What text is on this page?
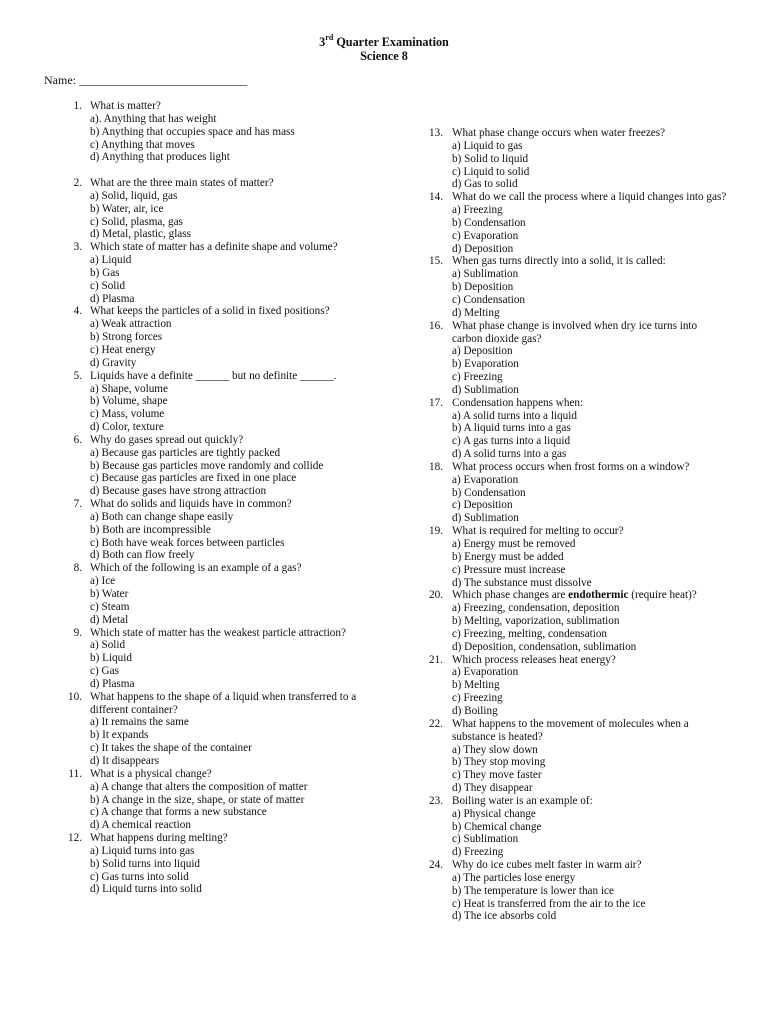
3rd Quarter Examination
Science 8
Name: ____________________________
1. What is matter?
a). Anything that has weight
b) Anything that occupies space and has mass
c) Anything that moves
d) Anything that produces light
2. What are the three main states of matter?
a) Solid, liquid, gas
b) Water, air, ice
c) Solid, plasma, gas
d) Metal, plastic, glass
3. Which state of matter has a definite shape and volume?
a) Liquid
b) Gas
c) Solid
d) Plasma
4. What keeps the particles of a solid in fixed positions?
a) Weak attraction
b) Strong forces
c) Heat energy
d) Gravity
5. Liquids have a definite ______ but no definite ______.
a) Shape, volume
b) Volume, shape
c) Mass, volume
d) Color, texture
6. Why do gases spread out quickly?
a) Because gas particles are tightly packed
b) Because gas particles move randomly and collide
c) Because gas particles are fixed in one place
d) Because gases have strong attraction
7. What do solids and liquids have in common?
a) Both can change shape easily
b) Both are incompressible
c) Both have weak forces between particles
d) Both can flow freely
8. Which of the following is an example of a gas?
a) Ice
b) Water
c) Steam
d) Metal
9. Which state of matter has the weakest particle attraction?
a) Solid
b) Liquid
c) Gas
d) Plasma
10. What happens to the shape of a liquid when transferred to a different container?
a) It remains the same
b) It expands
c) It takes the shape of the container
d) It disappears
11. What is a physical change?
a) A change that alters the composition of matter
b) A change in the size, shape, or state of matter
c) A change that forms a new substance
d) A chemical reaction
12. What happens during melting?
a) Liquid turns into gas
b) Solid turns into liquid
c) Gas turns into solid
d) Liquid turns into solid
13. What phase change occurs when water freezes?
a) Liquid to gas
b) Solid to liquid
c) Liquid to solid
d) Gas to solid
14. What do we call the process where a liquid changes into gas?
a) Freezing
b) Condensation
c) Evaporation
d) Deposition
15. When gas turns directly into a solid, it is called:
a) Sublimation
b) Deposition
c) Condensation
d) Melting
16. What phase change is involved when dry ice turns into carbon dioxide gas?
a) Deposition
b) Evaporation
c) Freezing
d) Sublimation
17. Condensation happens when:
a) A solid turns into a liquid
b) A liquid turns into a gas
c) A gas turns into a liquid
d) A solid turns into a gas
18. What process occurs when frost forms on a window?
a) Evaporation
b) Condensation
c) Deposition
d) Sublimation
19. What is required for melting to occur?
a) Energy must be removed
b) Energy must be added
c) Pressure must increase
d) The substance must dissolve
20. Which phase changes are endothermic (require heat)?
a) Freezing, condensation, deposition
b) Melting, vaporization, sublimation
c) Freezing, melting, condensation
d) Deposition, condensation, sublimation
21. Which process releases heat energy?
a) Evaporation
b) Melting
c) Freezing
d) Boiling
22. What happens to the movement of molecules when a substance is heated?
a) They slow down
b) They stop moving
c) They move faster
d) They disappear
23. Boiling water is an example of:
a) Physical change
b) Chemical change
c) Sublimation
d) Freezing
24. Why do ice cubes melt faster in warm air?
a) The particles lose energy
b) The temperature is lower than ice
c) Heat is transferred from the air to the ice
d) The ice absorbs cold
